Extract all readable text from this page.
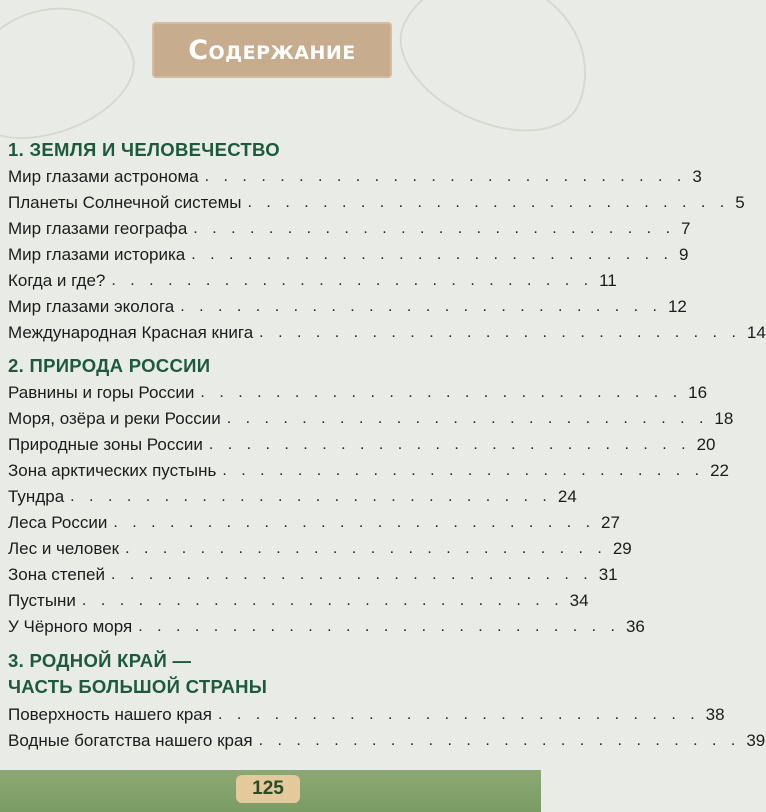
Содержание
1. ЗЕМЛЯ И ЧЕЛОВЕЧЕСТВО
Мир глазами астронома . . . . . . . . . . . . . . . . . . . . . . . . . . 3
Планеты Солнечной системы . . . . . . . . . . . . . . . . . . . . . . . . . . 5
Мир глазами географа . . . . . . . . . . . . . . . . . . . . . . . . . . 7
Мир глазами историка . . . . . . . . . . . . . . . . . . . . . . . . . . 9
Когда и где? . . . . . . . . . . . . . . . . . . . . . . . . . . 11
Мир глазами эколога . . . . . . . . . . . . . . . . . . . . . . . . . . 12
Международная Красная книга . . . . . . . . . . . . . . . . . . . . . . . . . . 14
2. ПРИРОДА РОССИИ
Равнины и горы России . . . . . . . . . . . . . . . . . . . . . . . . . . 16
Моря, озёра и реки России . . . . . . . . . . . . . . . . . . . . . . . . . . 18
Природные зоны России . . . . . . . . . . . . . . . . . . . . . . . . . . 20
Зона арктических пустынь . . . . . . . . . . . . . . . . . . . . . . . . . . 22
Тундра . . . . . . . . . . . . . . . . . . . . . . . . . . 24
Леса России . . . . . . . . . . . . . . . . . . . . . . . . . . 27
Лес и человек . . . . . . . . . . . . . . . . . . . . . . . . . . 29
Зона степей . . . . . . . . . . . . . . . . . . . . . . . . . . 31
Пустыни . . . . . . . . . . . . . . . . . . . . . . . . . . 34
У Чёрного моря . . . . . . . . . . . . . . . . . . . . . . . . . . 36
3. РОДНОЙ КРАЙ —
ЧАСТЬ БОЛЬШОЙ СТРАНЫ
Поверхность нашего края . . . . . . . . . . . . . . . . . . . . . . . . . . 38
Водные богатства нашего края . . . . . . . . . . . . . . . . . . . . . . . . . . 39
125
